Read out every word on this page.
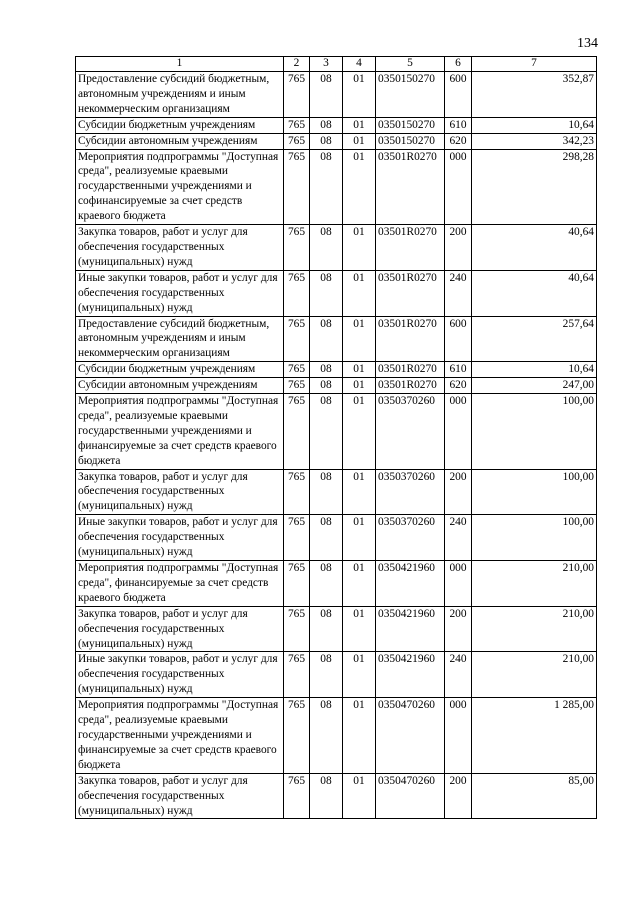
134
1	2	3	4	5	6	7
Предоставление субсидий бюджетным, автономным учреждениям и иным некоммерческим организациям	765	08	01	0350150270	600	352,87
Субсидии бюджетным учреждениям	765	08	01	0350150270	610	10,64
Субсидии автономным учреждениям	765	08	01	0350150270	620	342,23
Мероприятия подпрограммы "Доступная среда", реализуемые краевыми государственными учреждениями и софинансируемые за счет средств краевого бюджета	765	08	01	03501R0270	000	298,28
Закупка товаров, работ и услуг для обеспечения государственных (муниципальных) нужд	765	08	01	03501R0270	200	40,64
Иные закупки товаров, работ и услуг для обеспечения государственных (муниципальных) нужд	765	08	01	03501R0270	240	40,64
Предоставление субсидий бюджетным, автономным учреждениям и иным некоммерческим организациям	765	08	01	03501R0270	600	257,64
Субсидии бюджетным учреждениям	765	08	01	03501R0270	610	10,64
Субсидии автономным учреждениям	765	08	01	03501R0270	620	247,00
Мероприятия подпрограммы "Доступная среда", реализуемые краевыми государственными учреждениями и финансируемые за счет средств краевого бюджета	765	08	01	0350370260	000	100,00
Закупка товаров, работ и услуг для обеспечения государственных (муниципальных) нужд	765	08	01	0350370260	200	100,00
Иные закупки товаров, работ и услуг для обеспечения государственных (муниципальных) нужд	765	08	01	0350370260	240	100,00
Мероприятия подпрограммы "Доступная среда", финансируемые за счет средств краевого бюджета	765	08	01	0350421960	000	210,00
Закупка товаров, работ и услуг для обеспечения государственных (муниципальных) нужд	765	08	01	0350421960	200	210,00
Иные закупки товаров, работ и услуг для обеспечения государственных (муниципальных) нужд	765	08	01	0350421960	240	210,00
Мероприятия подпрограммы "Доступная среда", реализуемые краевыми государственными учреждениями и финансируемые за счет средств краевого бюджета	765	08	01	0350470260	000	1 285,00
Закупка товаров, работ и услуг для обеспечения государственных (муниципальных) нужд	765	08	01	0350470260	200	85,00
